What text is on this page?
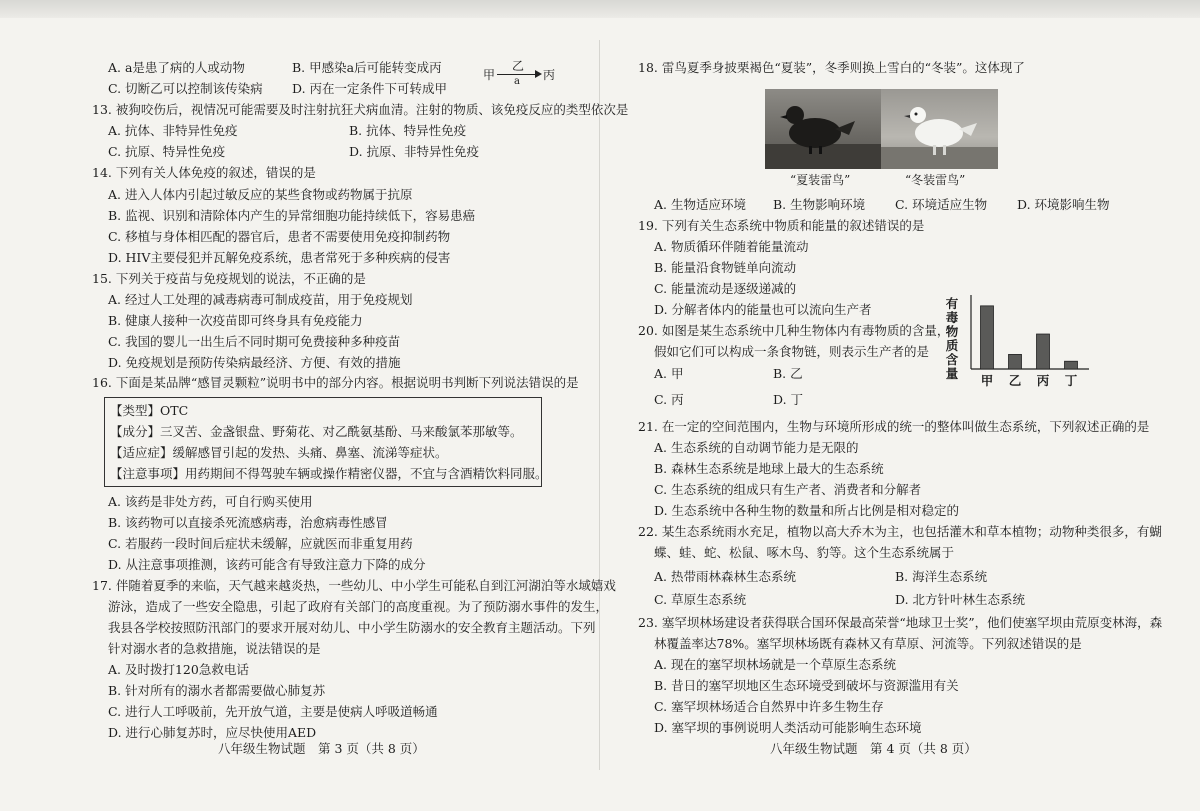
A. a是患了病的人或动物	B. 甲感染a后可能转变成丙
C. 切断乙可以控制该传染病 D. 丙在一定条件下可转成甲
甲
乙
a 丙
13. 被狗咬伤后，视情况可能需要及时注射抗狂犬病血清。注射的物质、该免疫反应的类型依次是
A. 抗体、非特异性免疫	B. 抗体、特异性免疫
C. 抗原、特异性免疫	D. 抗原、非特异性免疫
14. 下列有关人体免疫的叙述，错误的是
A. 进入人体内引起过敏反应的某些食物或药物属于抗原
B. 监视、识别和清除体内产生的异常细胞功能持续低下，容易患癌
C. 移植与身体相匹配的器官后，患者不需要使用免疫抑制药物
D. HIV主要侵犯并瓦解免疫系统，患者常死于多种疾病的侵害
15. 下列关于疫苗与免疫规划的说法，不正确的是
A. 经过人工处理的减毒病毒可制成疫苗，用于免疫规划
B. 健康人接种一次疫苗即可终身具有免疫能力
C. 我国的婴儿一出生后不同时期可免费接种多种疫苗
D. 免疫规划是预防传染病最经济、方便、有效的措施
16. 下面是某品牌“感冒灵颗粒”说明书中的部分内容。根据说明书判断下列说法错误的是
【类型】OTC
【成分】三叉苦、金盏银盘、野菊花、对乙酰氨基酚、马来酸氯苯那敏等。
【适应症】缓解感冒引起的发热、头痛、鼻塞、流涕等症状。
【注意事项】用药期间不得驾驶车辆或操作精密仪器，不宜与含酒精饮料同服。
A. 该药是非处方药，可自行购买使用
B. 该药物可以直接杀死流感病毒，治愈病毒性感冒
C. 若服药一段时间后症状未缓解，应就医而非重复用药
D. 从注意事项推测，该药可能含有导致注意力下降的成分
17. 伴随着夏季的来临，天气越来越炎热，一些幼儿、中小学生可能私自到江河湖泊等水域嬉戏
游泳，造成了一些安全隐患，引起了政府有关部门的高度重视。为了预防溺水事件的发生，
我县各学校按照防汛部门的要求开展对幼儿、中小学生防溺水的安全教育主题活动。下列
针对溺水者的急救措施，说法错误的是
A. 及时拨打120急救电话
B. 针对所有的溺水者都需要做心肺复苏
C. 进行人工呼吸前，先开放气道，主要是使病人呼吸道畅通
D. 进行心肺复苏时，应尽快使用AED
八年级生物试题　第 3 页（共 8 页）
18. 雷鸟夏季身披栗褐色“夏装”，冬季则换上雪白的“冬装”。这体现了
“夏装雷鸟”	“冬装雷鸟”
A. 生物适应环境 B. 生物影响环境 C. 环境适应生物 D. 环境影响生物
19. 下列有关生态系统中物质和能量的叙述错误的是
A. 物质循环伴随着能量流动
B. 能量沿食物链单向流动
C. 能量流动是逐级递减的
D. 分解者体内的能量也可以流向生产者
20. 如图是某生态系统中几种生物体内有毒物质的含量，
假如它们可以构成一条食物链，则表示生产者的是
A. 甲	B. 乙
C. 丙	D. 丁
有
毒
物
质
含
量 甲 乙 丙 丁
21. 在一定的空间范围内，生物与环境所形成的统一的整体叫做生态系统，下列叙述正确的是
A. 生态系统的自动调节能力是无限的
B. 森林生态系统是地球上最大的生态系统
C. 生态系统的组成只有生产者、消费者和分解者
D. 生态系统中各种生物的数量和所占比例是相对稳定的
22. 某生态系统雨水充足，植物以高大乔木为主，也包括灌木和草本植物；动物种类很多，有蝴
蝶、蛙、蛇、松鼠、啄木鸟、豹等。这个生态系统属于
A. 热带雨林森林生态系统	B. 海洋生态系统
C. 草原生态系统	D. 北方针叶林生态系统
23. 塞罕坝林场建设者获得联合国环保最高荣誉“地球卫士奖”，他们使塞罕坝由荒原变林海，森
林覆盖率达78%。塞罕坝林场既有森林又有草原、河流等。下列叙述错误的是
A. 现在的塞罕坝林场就是一个草原生态系统
B. 昔日的塞罕坝地区生态环境受到破坏与资源滥用有关
C. 塞罕坝林场适合自然界中许多生物生存
D. 塞罕坝的事例说明人类活动可能影响生态环境
八年级生物试题　第 4 页（共 8 页）
